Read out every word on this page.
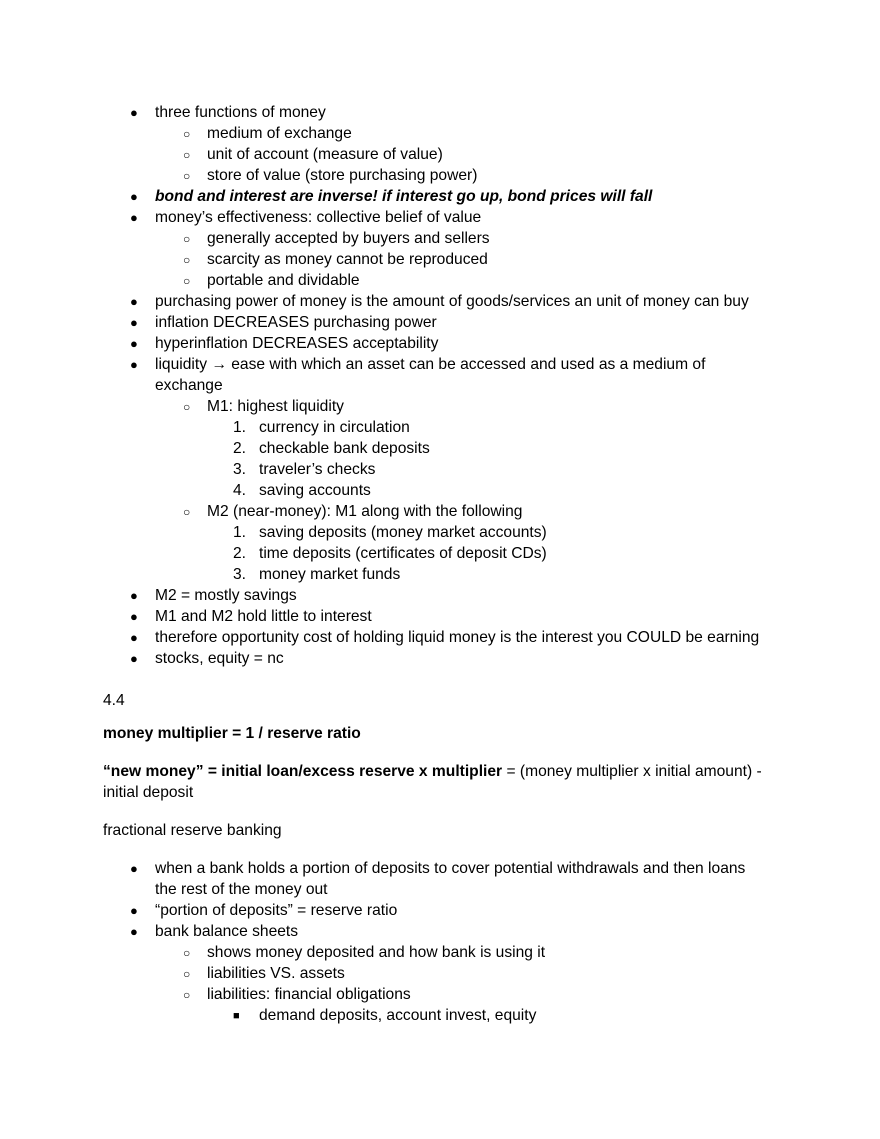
● three functions of money
○ medium of exchange
○ unit of account (measure of value)
○ store of value (store purchasing power)
● bond and interest are inverse! if interest go up, bond prices will fall
● money’s effectiveness: collective belief of value
○ generally accepted by buyers and sellers
○ scarcity as money cannot be reproduced
○ portable and dividable
● purchasing power of money is the amount of goods/services an unit of money can buy
● inflation DECREASES purchasing power
● hyperinflation DECREASES acceptability
● liquidity → ease with which an asset can be accessed and used as a medium of
exchange
○ M1: highest liquidity
1. currency in circulation
2. checkable bank deposits
3. traveler’s checks
4. saving accounts
○ M2 (near-money): M1 along with the following
1. saving deposits (money market accounts)
2. time deposits (certificates of deposit CDs)
3. money market funds
● M2 = mostly savings
● M1 and M2 hold little to interest
● therefore opportunity cost of holding liquid money is the interest you COULD be earning
● stocks, equity = nc
4.4
money multiplier = 1 / reserve ratio
“new money” = initial loan/excess reserve x multiplier = (money multiplier x initial amount) -
initial deposit
fractional reserve banking
● when a bank holds a portion of deposits to cover potential withdrawals and then loans
the rest of the money out
● “portion of deposits” = reserve ratio
● bank balance sheets
○ shows money deposited and how bank is using it
○ liabilities VS. assets
○ liabilities: financial obligations
■ demand deposits, account invest, equity
